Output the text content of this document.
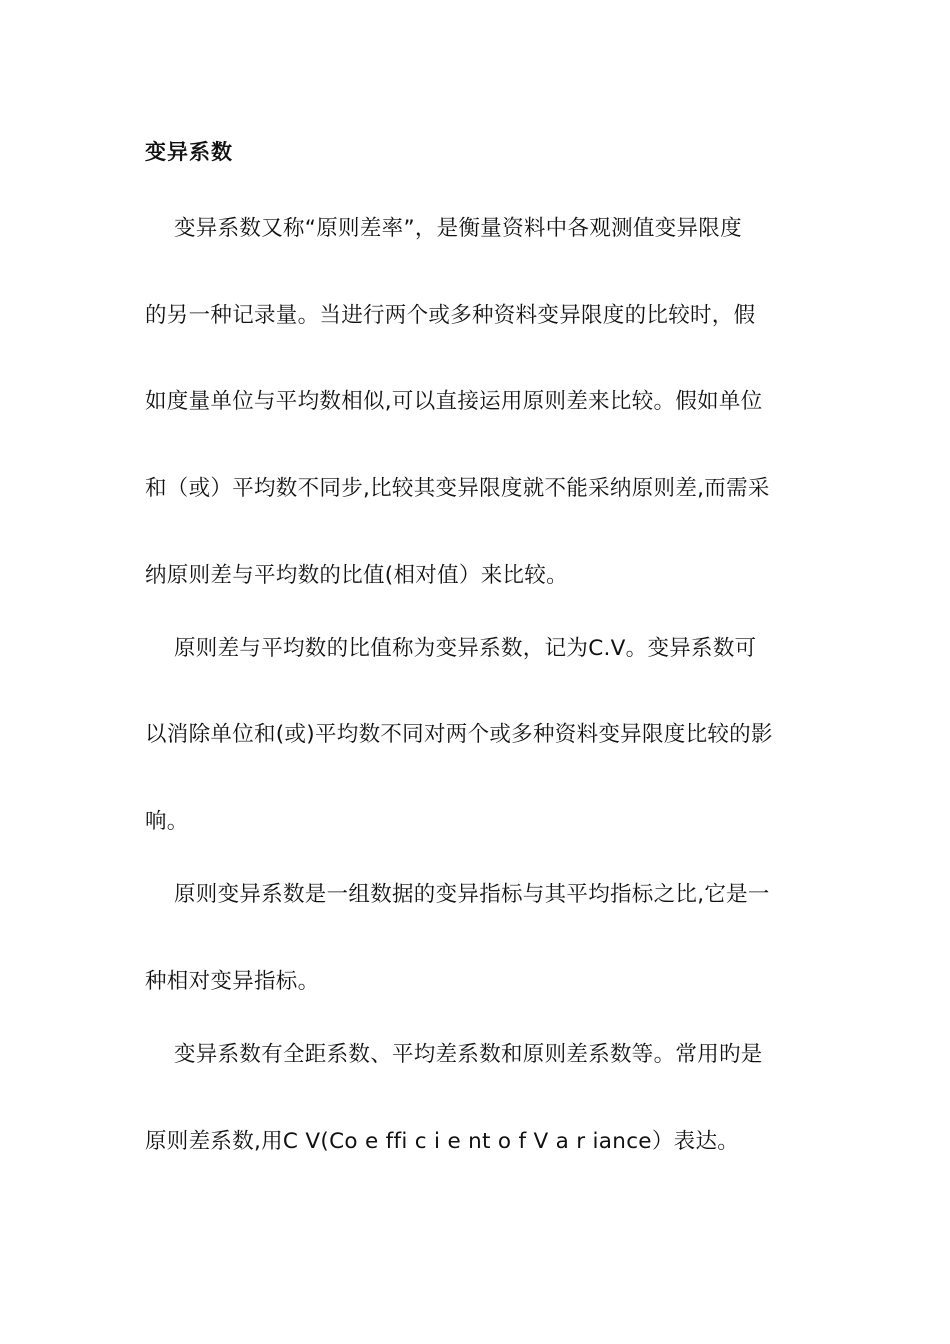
变异系数
变异系数又称“原则差率”，是衡量资料中各观测值变异限度
的另一种记录量。当进行两个或多种资料变异限度的比较时，假
如度量单位与平均数相似,可以直接运用原则差来比较。假如单位
和（或）平均数不同步,比较其变异限度就不能采纳原则差,而需采
纳原则差与平均数的比值(相对值）来比较。
原则差与平均数的比值称为变异系数，记为C.V。变异系数可
以消除单位和(或)平均数不同对两个或多种资料变异限度比较的影
响。
原则变异系数是一组数据的变异指标与其平均指标之比,它是一
种相对变异指标。
变异系数有全距系数、平均差系数和原则差系数等。常用旳是
原则差系数,用C V(Co e ffi c i e nt o f V a r iance）表达。
